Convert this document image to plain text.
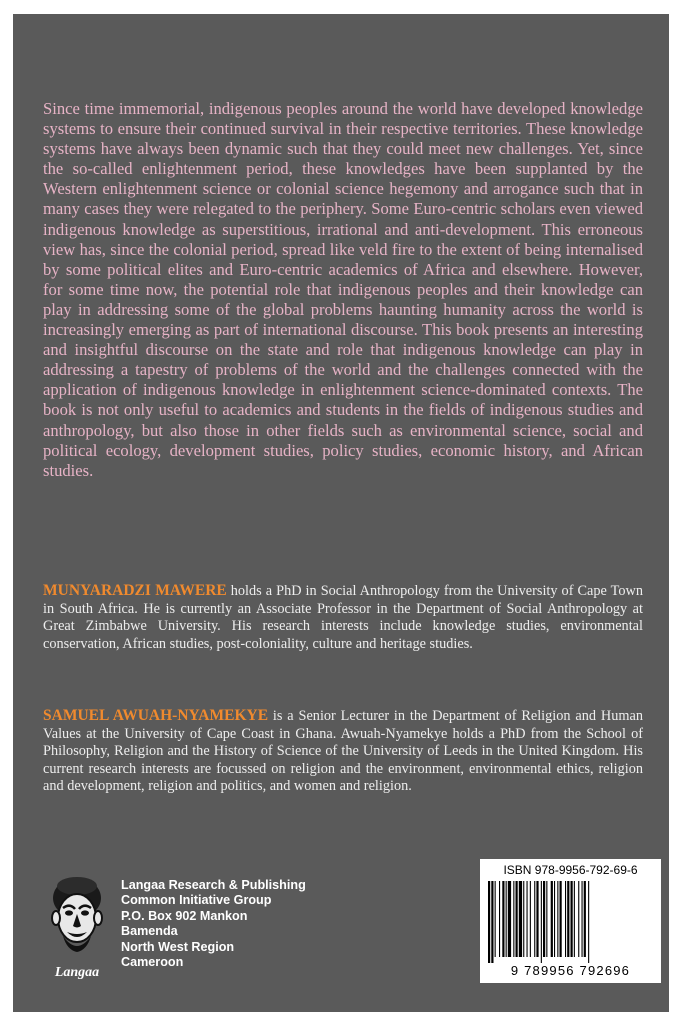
Since time immemorial, indigenous peoples around the world have developed knowledge systems to ensure their continued survival in their respective territories. These knowledge systems have always been dynamic such that they could meet new challenges. Yet, since the so-called enlightenment period, these knowledges have been supplanted by the Western enlightenment science or colonial science hegemony and arrogance such that in many cases they were relegated to the periphery. Some Euro-centric scholars even viewed indigenous knowledge as superstitious, irrational and anti-development. This erroneous view has, since the colonial period, spread like veld fire to the extent of being internalised by some political elites and Euro-centric academics of Africa and elsewhere. However, for some time now, the potential role that indigenous peoples and their knowledge can play in addressing some of the global problems haunting humanity across the world is increasingly emerging as part of international discourse. This book presents an interesting and insightful discourse on the state and role that indigenous knowledge can play in addressing a tapestry of problems of the world and the challenges connected with the application of indigenous knowledge in enlightenment science-dominated contexts. The book is not only useful to academics and students in the fields of indigenous studies and anthropology, but also those in other fields such as environmental science, social and political ecology, development studies, policy studies, economic history, and African studies.

MUNYARADZI MAWERE holds a PhD in Social Anthropology from the University of Cape Town in South Africa. He is currently an Associate Professor in the Department of Social Anthropology at Great Zimbabwe University. His research interests include knowledge studies, environmental conservation, African studies, post-coloniality, culture and heritage studies.

SAMUEL AWUAH-NYAMEKYE is a Senior Lecturer in the Department of Religion and Human Values at the University of Cape Coast in Ghana. Awuah-Nyamekye holds a PhD from the School of Philosophy, Religion and the History of Science of the University of Leeds in the United Kingdom. His current research interests are focussed on religion and the environment, environmental ethics, religion and development, religion and politics, and women and religion.

Langaa
Langaa Research & Publishing
Common Initiative Group
P.O. Box 902 Mankon
Bamenda
North West Region
Cameroon
ISBN 978-9956-792-69-6
9 789956 792696
